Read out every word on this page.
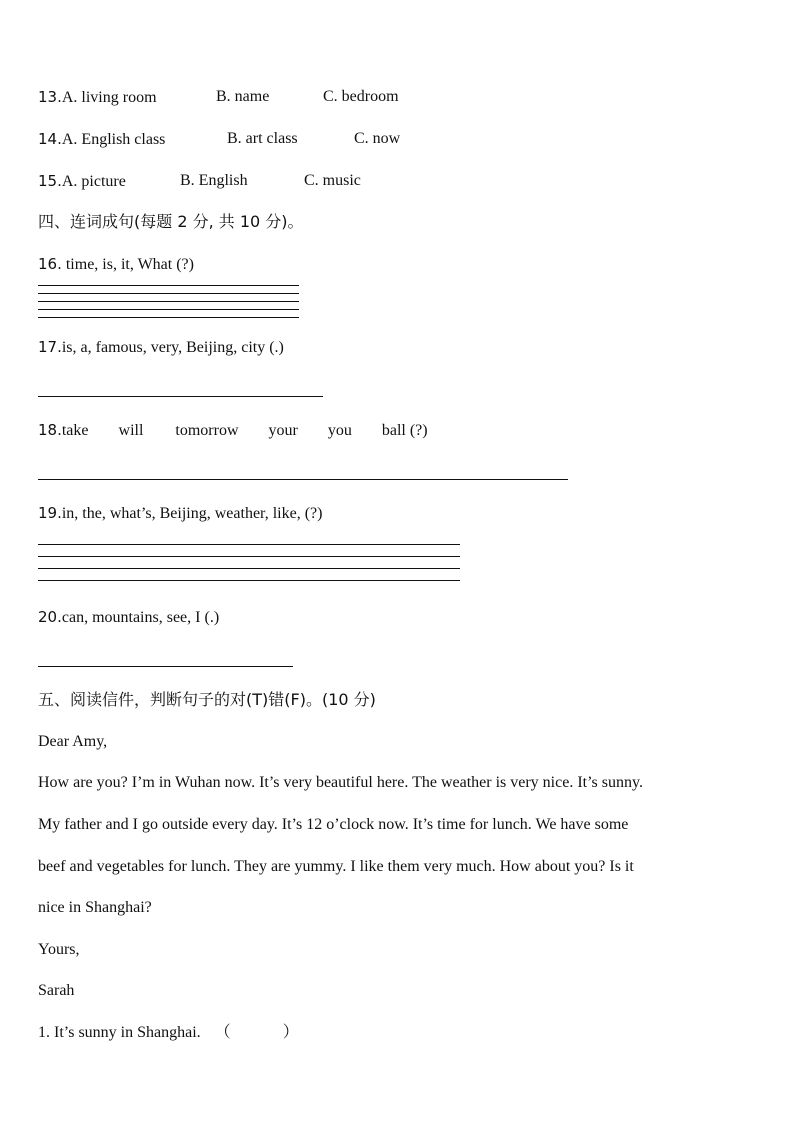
13.A. living room	B. name	C. bedroom
14.A. English class	B. art class	C. now
15.A. picture	B. English	C. music
四、连词成句(每题 2 分, 共 10 分)。
16. time, is, it, What (?)
17.is, a, famous, very, Beijing, city (.)
18.take will tomorrow your you ball (?)
19.in, the, what’s, Beijing, weather, like, (?)
20.can, mountains, see, I (.)
五、阅读信件，判断句子的对(T)错(F)。(10 分)
Dear Amy,
How are you? I’m in Wuhan now. It’s very beautiful here. The weather is very nice. It’s sunny.
My father and I go outside every day. It’s 12 o’clock now. It’s time for lunch. We have some
beef and vegetables for lunch. They are yummy. I like them very much. How about you? Is it
nice in Shanghai?
Yours,
Sarah
1. It’s sunny in Shanghai. （	）
